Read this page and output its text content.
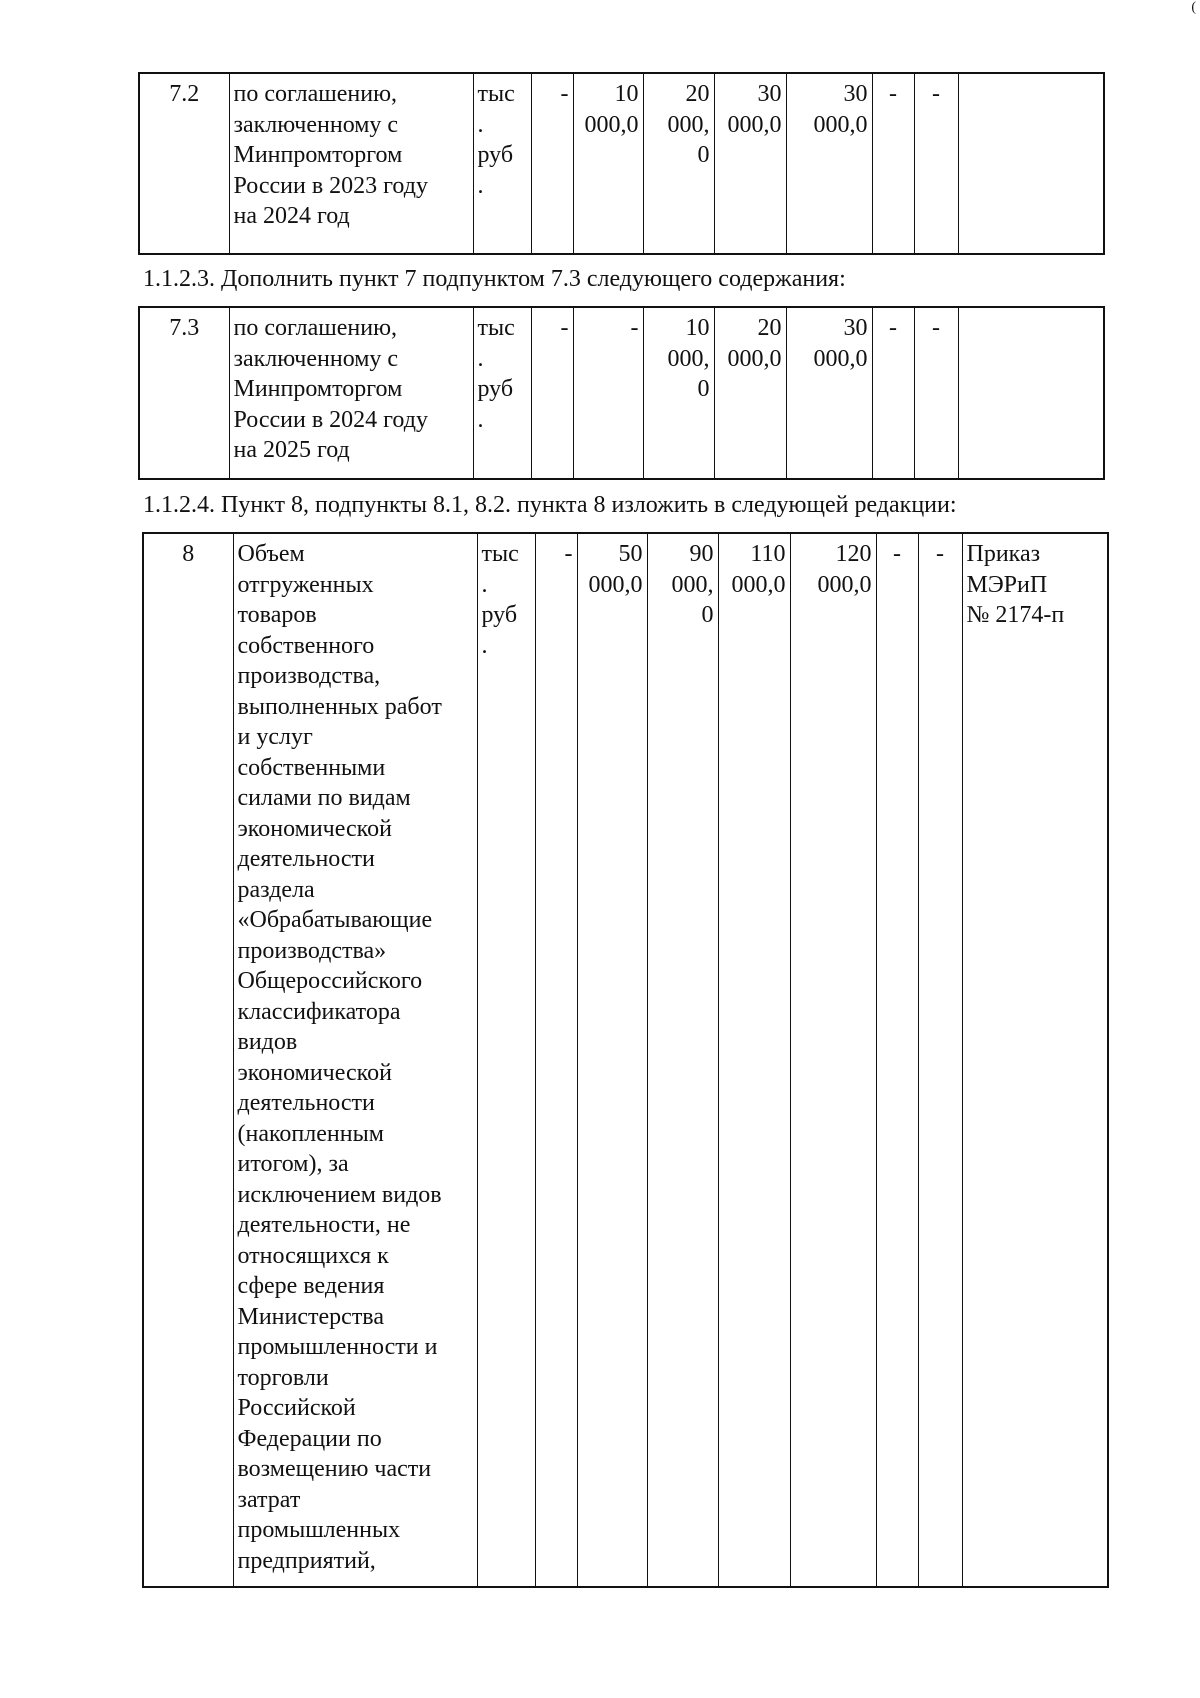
(
7.2	по соглашению,
заключенному с
Минпромторгом
России в 2023 году
на 2024 год	тыс
.
руб
.	-	10
000,0	20
000,
0	30
000,0	30
000,0	-	-	

1.1.2.3. Дополнить пункт 7 подпунктом 7.3 следующего содержания:

7.3	по соглашению,
заключенному с
Минпромторгом
России в 2024 году
на 2025 год	тыс
.
руб
.	-	-	10
000,
0	20
000,0	30
000,0	-	-	

1.1.2.4. Пункт 8, подпункты 8.1, 8.2. пункта 8 изложить в следующей редакции:

8	Объем
отгруженных
товаров
собственного
производства,
выполненных работ
и услуг
собственными
силами по видам
экономической
деятельности
раздела
«Обрабатывающие
производства»
Общероссийского
классификатора
видов
экономической
деятельности
(накопленным
итогом), за
исключением видов
деятельности, не
относящихся к
сфере ведения
Министерства
промышленности и
торговли
Российской
Федерации по
возмещению части
затрат
промышленных
предприятий,	тыс
.
руб
.	-	50
000,0	90
000,
0	110
000,0	120
000,0	-	-	Приказ
МЭРиП
№ 2174-п
